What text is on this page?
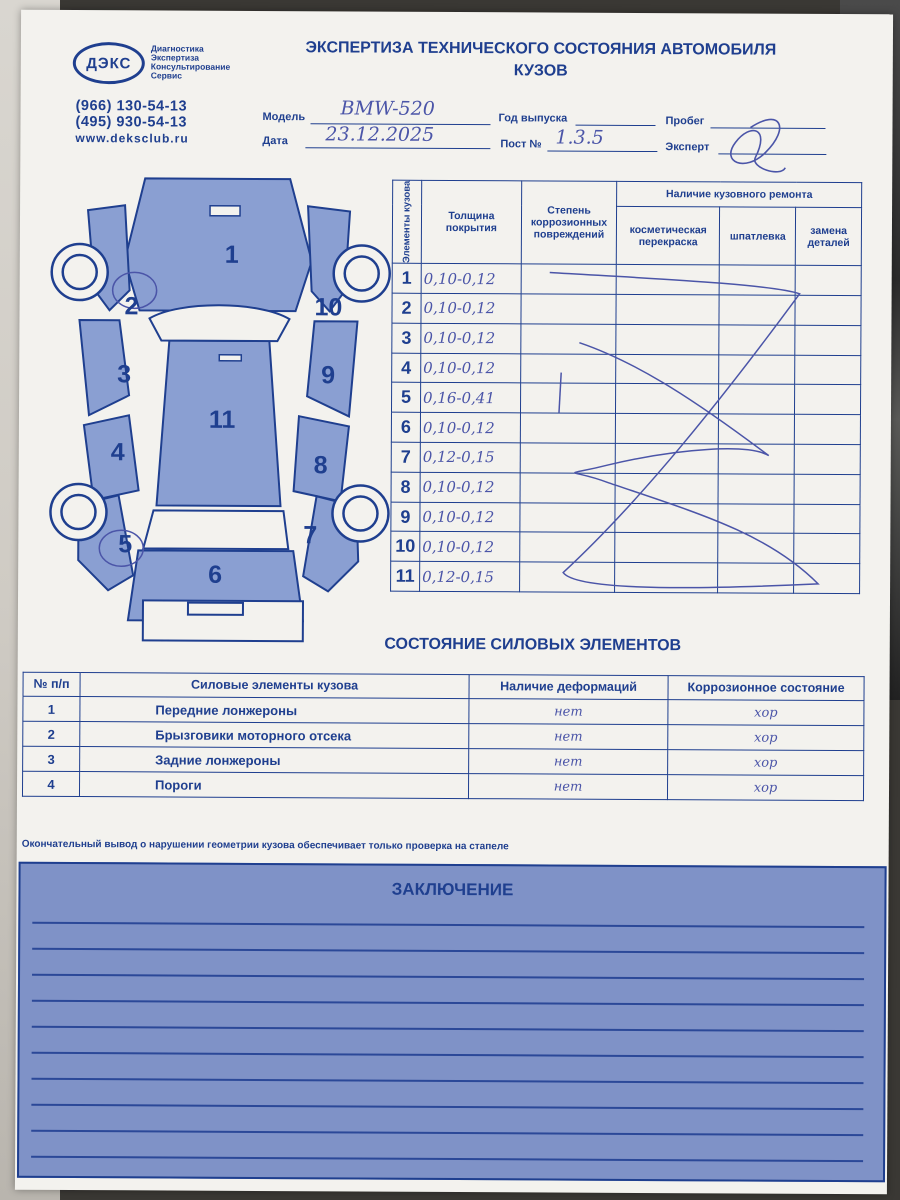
ДЭКС
Диагностика
Экспертиза
Консультирование
Сервис
(966) 130-54-13
(495) 930-54-13
www.deksclub.ru
ЭКСПЕРТИЗА ТЕХНИЧЕСКОГО СОСТОЯНИЯ АВТОМОБИЛЯ
КУЗОВ
Модель BMW-520	Год выпуска	Пробег
Дата 23.12.2025	Пост № 1.3.5	Эксперт
1
2
3
4
5
6
7
8
9
10
11
Элементы кузова	Толщина покрытия	Степень коррозионных повреждений	Наличие кузовного ремонта		
			косметическая перекраска	шпатлевка	замена деталей
1	0,10-0,12				
2	0,10-0,12				
3	0,10-0,12				
4	0,10-0,12				
5	0,16-0,41				
6	0,10-0,12				
7	0,12-0,15				
8	0,10-0,12				
9	0,10-0,12				
10	0,10-0,12				
11	0,12-0,15				
СОСТОЯНИЕ СИЛОВЫХ ЭЛЕМЕНТОВ
№ п/п	Силовые элементы кузова	Наличие деформаций	Коррозионное состояние
1	Передние лонжероны	нет	хор
2	Брызговики моторного отсека	нет	хор
3	Задние лонжероны	нет	хор
4	Пороги	нет	хор
Окончательный вывод о нарушении геометрии кузова обеспечивает только проверка на стапеле
ЗАКЛЮЧЕНИЕ
